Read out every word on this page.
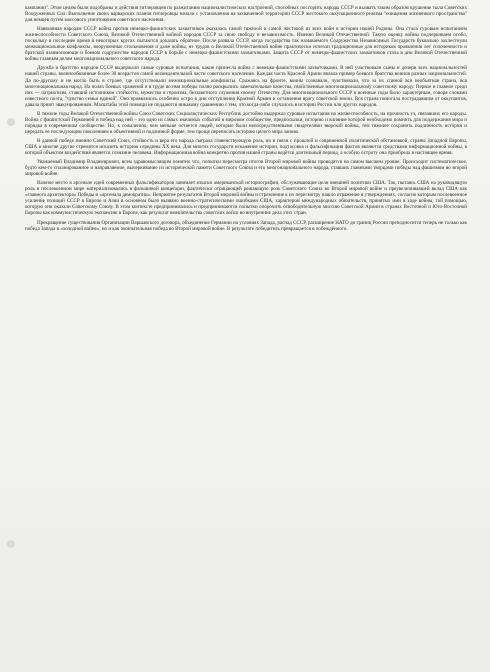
кампании". Этом целям были подобраны и действия гитлеровцев по разжиганию националистических настроений, способных поссорить народы СССР и вызвать таким образом крушение тыла Советских Вооруженных Сил. Выполнение своих варварских планов гитлеровцы начали с установления на захваченной территории СССР жестокого оккупационного режима "очищения жизненного пространства" для немцев путем массового уничтожения советского населения.

Навязанная народам СССР война против немецко-фашистских захватчиков оказалась самой тяжелой и самой жестокой из всех войн в истории нашей Родины. Она стала суровым испытанием жизнеспособности Советского Союза, Великой Отечественной войной народов СССР за свою свободу и независимость. Именно Великой Отечественной. Такую оценку войны подчеркиваем особо, поскольку в последнее время в некоторых кругах пытаются доказать обратное. После развала СССР, когда государства так называемого Содружества Независимых Государств буквально захлестнули межнациональные конфликты, вооруженные столкновения и даже войны, из трудов о Великой Отечественной войне практически исчезли традиционные для историков проявления лет сплоченности и братской взаимопомощи и боевом содружестве народов СССР в борьбе с немецко-фашистскими захватчиками. Защита СССР от немецко-фашистских захватчиков стала в дни Великой Отечественной войны главным делом многонационального советского народа.

Дружба и братство народов СССР выдержали самые суровые испытания, какие принесла война с немецко-фашистскими захватчиками. В ней участвовали сыны и дочери всех национальностей нашей страны, военнообязанные более 30 возрастов самой жизнедеятельной части советского населения. Каждая часть Красной Армии являла пример боевого братства воинов разных национальностей. Да по-другому и не могло быть в стране, где отсутствовали межнациональные конфликты. Сражаясь на фронте, воины сознавали, чувствовали, что за их спиной вся необъятная страна, вся многонациональная народ. На полях боевых сражений и в труде во имя победы полно раскрылись замечательные качества, свойственные многонациональному советскому народу. Первое и главное среди них — патриотизм, ставший источником стойкости, мужества и героизма, беззаветного служения своему Отечеству. Для многонационального СССР в военные годы было характерным, говоря словами известного поэта, "чувство семьи единой". Оно проявлялось особенно остро в дни отступления Красной Армии и оставления врагу советской земли. Вся страна помогала пострадавшим от оккупантов, давала приют эвакуированным. Масштабы этой помощи не поддаются никакому сравнению с тем, что когда-либо случалось в истории России или других народов.

В тяжкие годы Великой Отечественной войны Союз Советских Социалистических Республик достойно выдержал суровые испытания на жизнеспособность, на прочность уз, связавших его народы. Война с фашистской Германией и победа над ней – это одно из самых значимых событий в мировом сообществе, предпосылки, историю и влияние которой необходимо помнить для поддержания мира и порядка в современном сообществе. Но, к сожалению, чем меньше остается людей, которые были непосредственными свидетелями зверской войны, тем тяжелее сохранить подлинность истории и передать ее последующим поколениям в объективной и подлинной форме, тем проще переписать историю целого мира заново.

В данной победе именно Советский Союз, стойкость и вера его народа сыграла главенствующую роль, но в связи с прошлой и современной политической обстановкой, страны Западной Европы, США и многие другие стремятся исказить историю середины XX века. Для многих государств искажение истории, подтасовка и фальсификация фактов являются средствами информационной войны, в которой объектом воздействия является сознание человека. Информационная война конкретно против нашей страны ведётся длительный период, а особую остроту она приобрела в настоящее время.

Уважаемый Владимир Владимирович, всем здравомыслящим понятно что, попытки пересмотра итогов Второй мировой войны проводятся на самом высшем уровне. Происходит систематическое, будто кем-то спланированное и направляемое, вычеркивание из исторической памяти Советского Союза и его многонационального народа, ставших главными творцами победы над фашизмом во второй мировой войне.

Важное место в арсенале идей современных фальсификаторов занимает изыски американской историографии, обслуживающие цели внешней политики США. Так, пытаясь США на руководящую роль в послевоенном мире материализовались в фальшивой концепции, фактически отрицающей решающую роль Советского Союза во Второй мировой войне и преувеличивавшей вклад США как «главного архитектора» Победы и «арсенала демократии». Неприятие результатов Второй мировой войны и стремление к их пересмотру нашло отражение в утверждениях, согласно которым послевоенное усиление позиций СССР в Европе и Азии в основном было вызвано военно-стратегическими ошибками США, характером международных обязательств, принятых ими в ходе войны, той помощью, которую они оказали Советскому Союзу. В этом контексте предпринимались и предпринимаются попытки опорочить освободительную миссию Советской Армии в странах Восточной и Юго-Восточной Европы как коммунистическую экспансию в Европе, как результат вмешательства советских войск во внутренние дела этих стран.

Прекращение существования Организации Варшавского договора, объединение Германии на условиях Запада, распад СССР, расширение НАТО до границ России преподносится теперь не только как победа Запада в «холодной войне», но и как окончательная победа во Второй мировой войне. В результате победитель превращается в побеждённого.
